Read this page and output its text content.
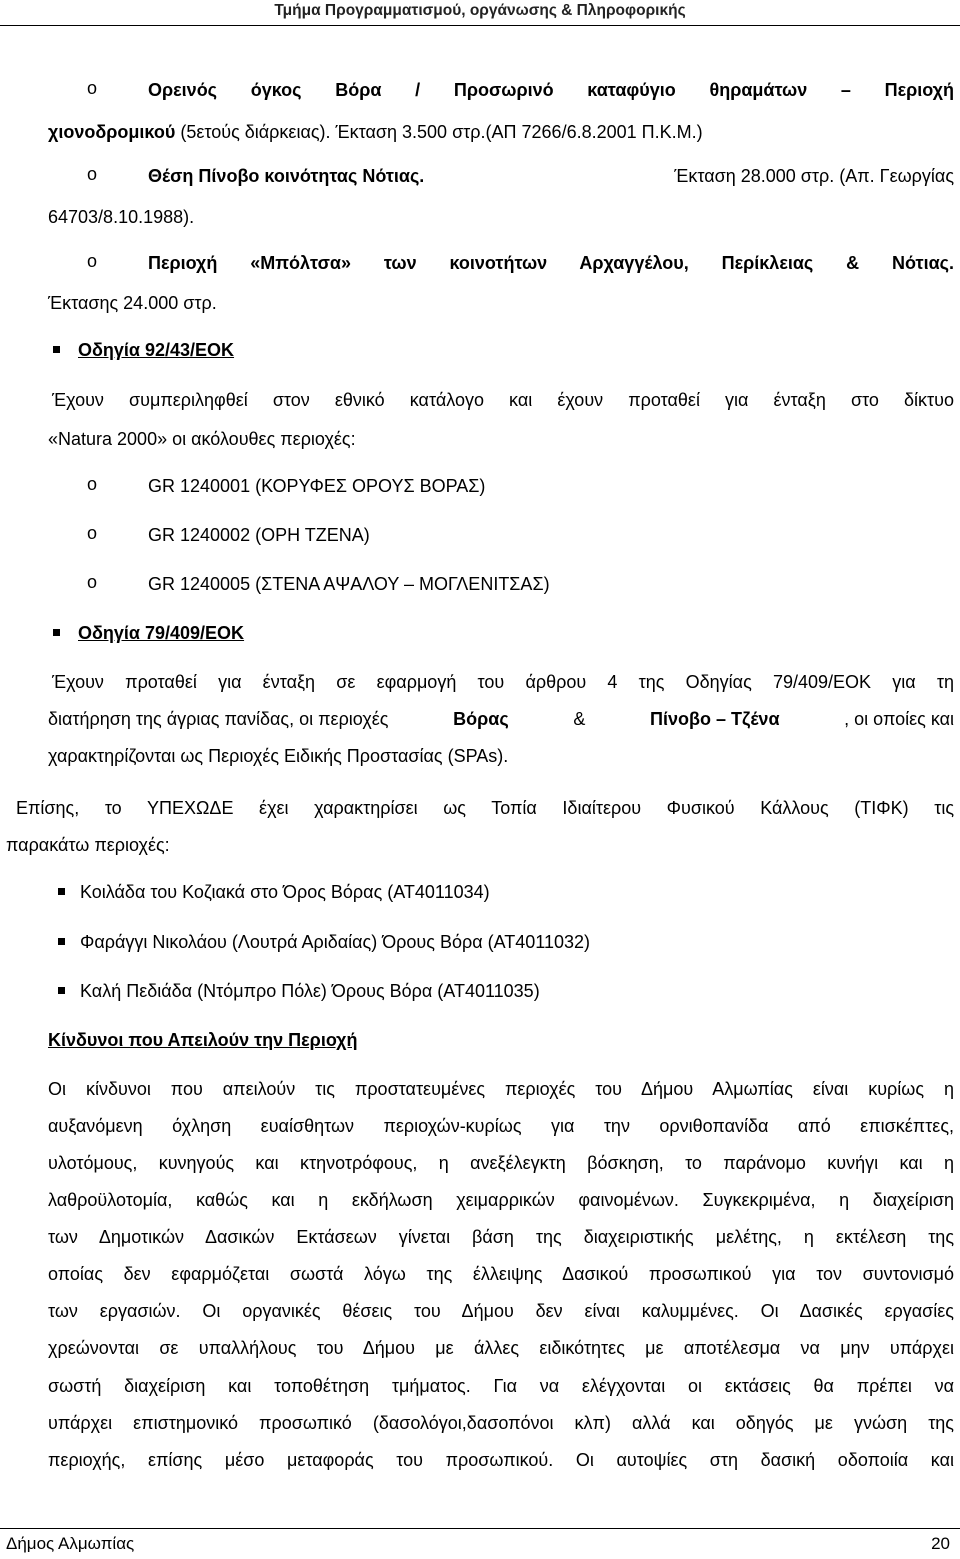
Τμήμα Προγραμματισμού, οργάνωσης & Πληροφορικής
o	Ορεινός όγκος Βόρα / Προσωρινό καταφύγιο θηραμάτων – Περιοχή
χιονοδρομικού (5ετούς διάρκειας). Έκταση 3.500 στρ.(ΑΠ 7266/6.8.2001 Π.Κ.Μ.)
o	Θέση Πίνοβο κοινότητας Νότιας.	Έκταση 28.000 στρ. (Απ. Γεωργίας
64703/8.10.1988).
o	Περιοχή «Μπόλτσα» των κοινοτήτων Αρχαγγέλου, Περίκλειας & Νότιας.
Έκτασης 24.000 στρ.
Οδηγία 92/43/ΕΟΚ
Έχουν συμπεριληφθεί στον εθνικό κατάλογο και έχουν προταθεί για ένταξη στο δίκτυο
«Natura 2000» οι ακόλουθες περιοχές:
o	GR 1240001 (ΚΟΡΥΦΕΣ ΟΡΟΥΣ ΒΟΡΑΣ)
o	GR 1240002 (ΟΡΗ ΤΖΕΝΑ)
o	GR 1240005 (ΣΤΕΝΑ ΑΨΑΛΟΥ – ΜΟΓΛΕΝΙΤΣΑΣ)
Οδηγία 79/409/ΕΟΚ
Έχουν προταθεί για ένταξη σε εφαρμογή του άρθρου 4 της Οδηγίας 79/409/ΕΟΚ για τη
διατήρηση της άγριας πανίδας, οι περιοχές	Βόρας	&	Πίνοβο – Τζένα	, οι οποίες και
χαρακτηρίζονται ως Περιοχές Ειδικής Προστασίας (SPAs).
Επίσης, το ΥΠΕΧΩΔΕ έχει χαρακτηρίσει ως Τοπία Ιδιαίτερου Φυσικού Κάλλους (ΤΙΦΚ) τις
παρακάτω περιοχές:
Κοιλάδα του Κοζιακά στο Όρος Βόρας (ΑΤ4011034)
Φαράγγι Νικολάου (Λουτρά Αριδαίας) Όρους Βόρα (ΑΤ4011032)
Καλή Πεδιάδα (Ντόμπρο Πόλε) Όρους Βόρα (ΑΤ4011035)
Κίνδυνοι που Απειλούν την Περιοχή
Οι κίνδυνοι που απειλούν τις προστατευμένες περιοχές του Δήμου Αλμωπίας είναι κυρίως η
αυξανόμενη όχληση ευαίσθητων περιοχών-κυρίως για την ορνιθοπανίδα από επισκέπτες,
υλοτόμους, κυνηγούς και κτηνοτρόφους, η ανεξέλεγκτη βόσκηση, το παράνομο κυνήγι και η
λαθροϋλοτομία, καθώς και η εκδήλωση χειμαρρικών φαινομένων. Συγκεκριμένα, η διαχείριση
των Δημοτικών Δασικών Εκτάσεων γίνεται βάση της διαχειριστικής μελέτης, η εκτέλεση της
οποίας δεν εφαρμόζεται σωστά λόγω της έλλειψης Δασικού προσωπικού για τον συντονισμό
των εργασιών. Οι οργανικές θέσεις του Δήμου δεν είναι καλυμμένες. Οι Δασικές εργασίες
χρεώνονται σε υπαλλήλους του Δήμου με άλλες ειδικότητες με αποτέλεσμα να μην υπάρχει
σωστή διαχείριση και τοποθέτηση τμήματος. Για να ελέγχονται οι εκτάσεις θα πρέπει να
υπάρχει επιστημονικό προσωπικό (δασολόγοι,δασοπόνοι κλπ) αλλά και οδηγός με γνώση της
περιοχής, επίσης μέσο μεταφοράς του προσωπικού. Οι αυτοψίες στη δασική οδοποιία και
Δήμος Αλμωπίας	20
